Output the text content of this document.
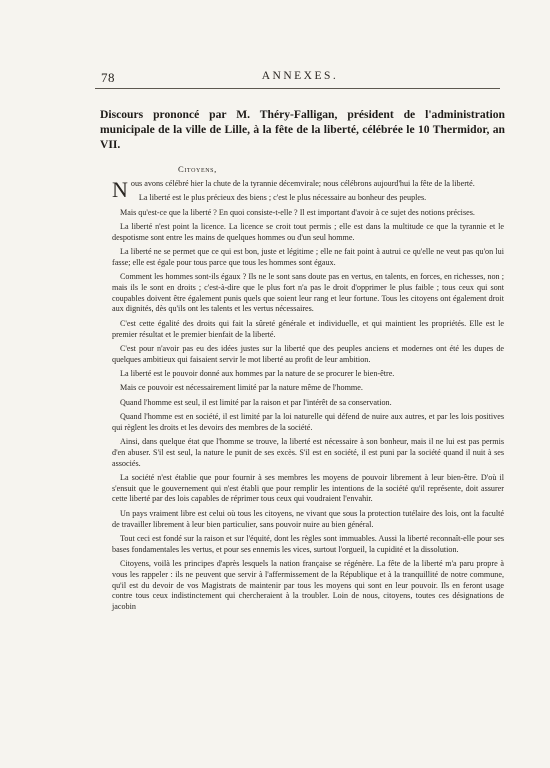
78	ANNEXES.
Discours prononcé par M. Théry-Falligan, président de l'administration municipale de la ville de Lille, à la fête de la liberté, célébrée le 10 Thermidor, an VII.
Citoyens,

Nous avons célébré hier la chute de la tyrannie décemvirale; nous célébrons aujourd'hui la fête de la liberté.

La liberté est le plus précieux des biens ; c'est le plus nécessaire au bonheur des peuples.

Mais qu'est-ce que la liberté ? En quoi consiste-t-elle ? Il est important d'avoir à ce sujet des notions précises.

La liberté n'est point la licence. La licence se croit tout permis ; elle est dans la multitude ce que la tyrannie et le despotisme sont entre les mains de quelques hommes ou d'un seul homme.

La liberté ne se permet que ce qui est bon, juste et légitime ; elle ne fait point à autrui ce qu'elle ne veut pas qu'on lui fasse; elle est égale pour tous parce que tous les hommes sont égaux.

Comment les hommes sont-ils égaux ? Ils ne le sont sans doute pas en vertus, en talents, en forces, en richesses, non ; mais ils le sont en droits ; c'est-à-dire que le plus fort n'a pas le droit d'opprimer le plus faible ; tous ceux qui sont coupables doivent être également punis quels que soient leur rang et leur fortune. Tous les citoyens ont également droit aux dignités, dès qu'ils ont les talents et les vertus nécessaires.

C'est cette égalité des droits qui fait la sûreté générale et individuelle, et qui maintient les propriétés. Elle est le premier résultat et le premier bienfait de la liberté.

C'est pour n'avoir pas eu des idées justes sur la liberté que des peuples anciens et modernes ont été les dupes de quelques ambitieux qui faisaient servir le mot liberté au profit de leur ambition.

La liberté est le pouvoir donné aux hommes par la nature de se procurer le bien-être.

Mais ce pouvoir est nécessairement limité par la nature même de l'homme.

Quand l'homme est seul, il est limité par la raison et par l'intérêt de sa conservation.

Quand l'homme est en société, il est limité par la loi naturelle qui défend de nuire aux autres, et par les lois positives qui règlent les droits et les devoirs des membres de la société.

Ainsi, dans quelque état que l'homme se trouve, la liberté est nécessaire à son bonheur, mais il ne lui est pas permis d'en abuser. S'il est seul, la nature le punit de ses excès. S'il est en société, il est puni par la société quand il nuit à ses associés.

La société n'est établie que pour fournir à ses membres les moyens de pouvoir librement à leur bien-être. D'où il s'ensuit que le gouvernement qui n'est établi que pour remplir les intentions de la société qu'il représente, doit assurer cette liberté par des lois capables de réprimer tous ceux qui voudraient l'envahir.

Un pays vraiment libre est celui où tous les citoyens, ne vivant que sous la protection tutélaire des lois, ont la faculté de travailler librement à leur bien particulier, sans pouvoir nuire au bien général.

Tout ceci est fondé sur la raison et sur l'équité, dont les règles sont immuables. Aussi la liberté reconnaît-elle pour ses bases fondamentales les vertus, et pour ses ennemis les vices, surtout l'orgueil, la cupidité et la dissolution.

Citoyens, voilà les principes d'après lesquels la nation française se régénère. La fête de la liberté m'a paru propre à vous les rappeler : ils ne peuvent que servir à l'affermissement de la République et à la tranquillité de notre commune, qu'il est du devoir de vos Magistrats de maintenir par tous les moyens qui sont en leur pouvoir. Ils en feront usage contre tous ceux indistinctement qui chercheraient à la troubler. Loin de nous, citoyens, toutes ces désignations de jacobin
